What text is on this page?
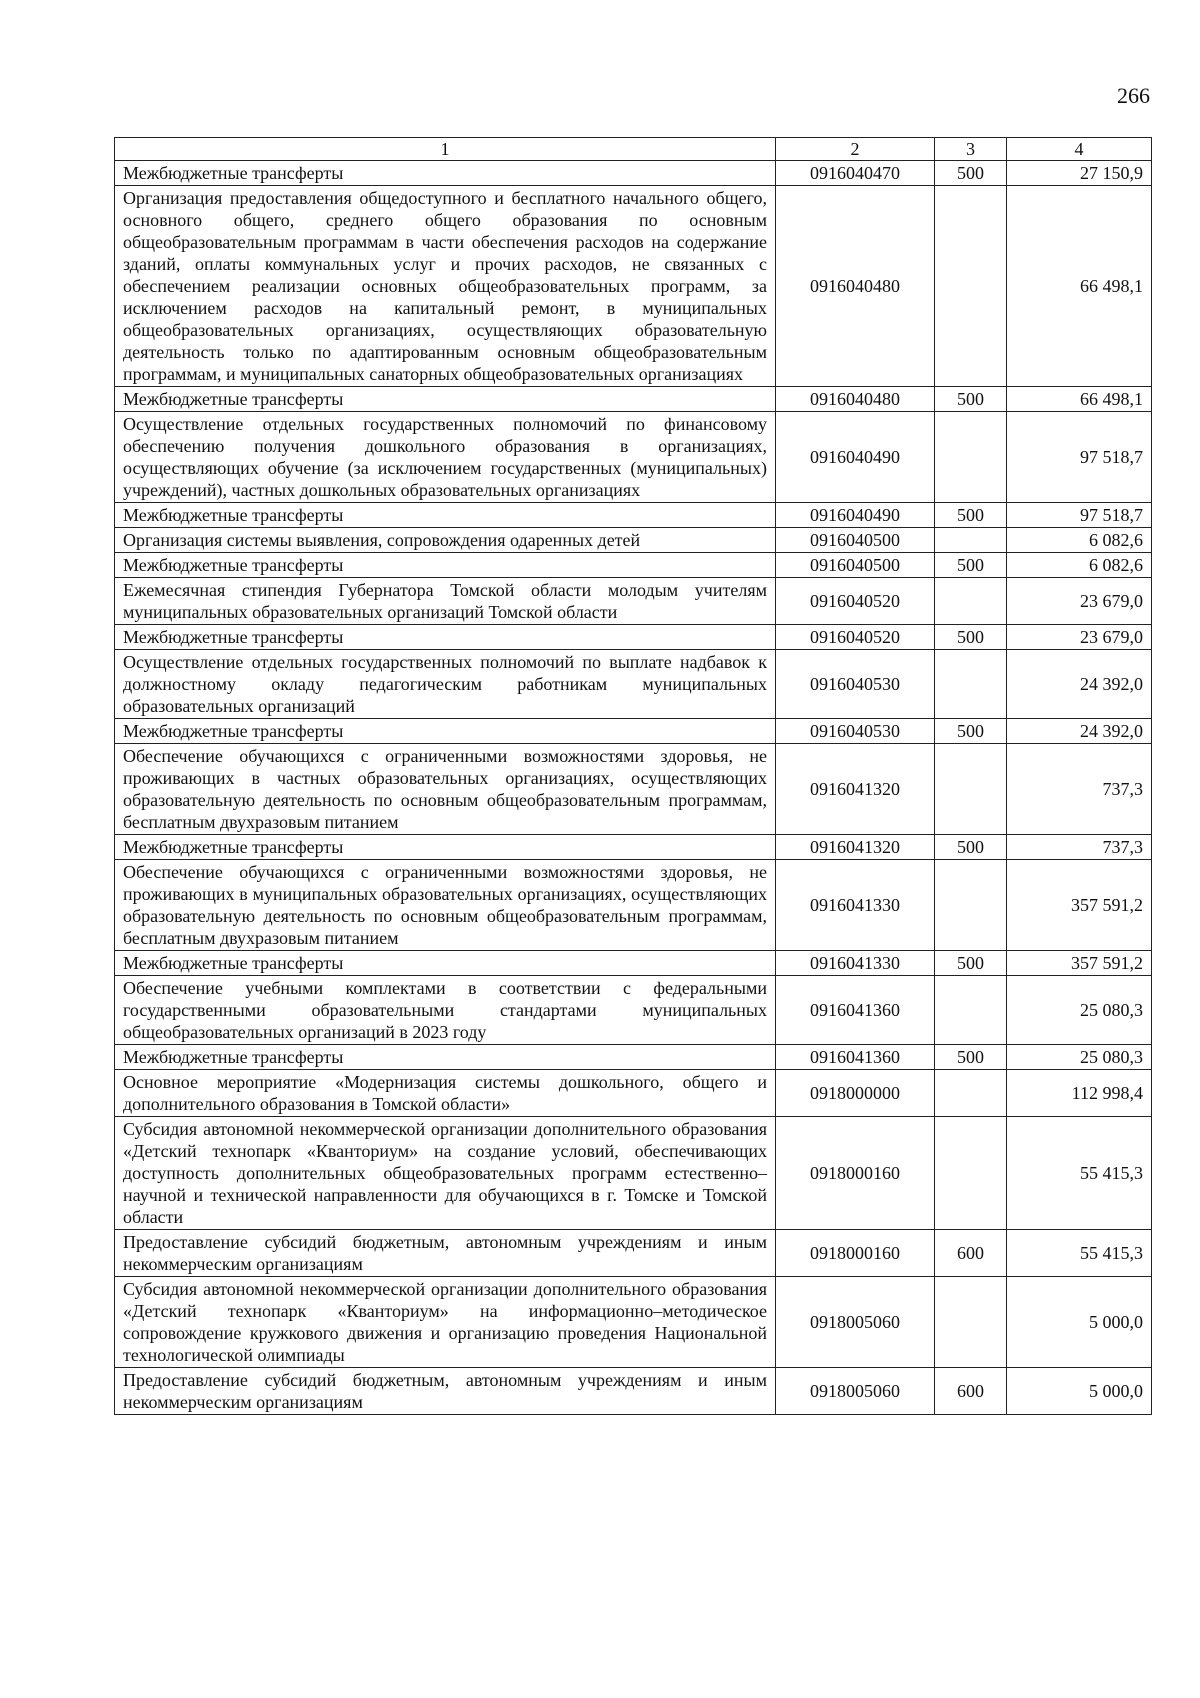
266
1	2	3	4
Межбюджетные трансферты	0916040470	500	27 150,9
Организация предоставления общедоступного и бесплатного начального общего, основного общего, среднего общего образования по основным общеобразовательным программам в части обеспечения расходов на содержание зданий, оплаты коммунальных услуг и прочих расходов, не связанных с обеспечением реализации основных общеобразовательных программ, за исключением расходов на капитальный ремонт, в муниципальных общеобразовательных организациях, осуществляющих образовательную деятельность только по адаптированным основным общеобразовательным программам, и муниципальных санаторных общеобразовательных организациях	0916040480		66 498,1
Межбюджетные трансферты	0916040480	500	66 498,1
Осуществление отдельных государственных полномочий по финансовому обеспечению получения дошкольного образования в организациях, осуществляющих обучение (за исключением государственных (муниципальных) учреждений), частных дошкольных образовательных организациях	0916040490		97 518,7
Межбюджетные трансферты	0916040490	500	97 518,7
Организация системы выявления, сопровождения одаренных детей	0916040500		6 082,6
Межбюджетные трансферты	0916040500	500	6 082,6
Ежемесячная стипендия Губернатора Томской области молодым учителям муниципальных образовательных организаций Томской области	0916040520		23 679,0
Межбюджетные трансферты	0916040520	500	23 679,0
Осуществление отдельных государственных полномочий по выплате надбавок к должностному окладу педагогическим работникам муниципальных образовательных организаций	0916040530		24 392,0
Межбюджетные трансферты	0916040530	500	24 392,0
Обеспечение обучающихся с ограниченными возможностями здоровья, не проживающих в частных образовательных организациях, осуществляющих образовательную деятельность по основным общеобразовательным программам, бесплатным двухразовым питанием	0916041320		737,3
Межбюджетные трансферты	0916041320	500	737,3
Обеспечение обучающихся с ограниченными возможностями здоровья, не проживающих в муниципальных образовательных организациях, осуществляющих образовательную деятельность по основным общеобразовательным программам, бесплатным двухразовым питанием	0916041330		357 591,2
Межбюджетные трансферты	0916041330	500	357 591,2
Обеспечение учебными комплектами в соответствии с федеральными государственными образовательными стандартами муниципальных общеобразовательных организаций в 2023 году	0916041360		25 080,3
Межбюджетные трансферты	0916041360	500	25 080,3
Основное мероприятие «Модернизация системы дошкольного, общего и дополнительного образования в Томской области»	0918000000		112 998,4
Субсидия автономной некоммерческой организации дополнительного образования «Детский технопарк «Кванториум» на создание условий, обеспечивающих доступность дополнительных общеобразовательных программ естественно–научной и технической направленности для обучающихся в г. Томске и Томской области	0918000160		55 415,3
Предоставление субсидий бюджетным, автономным учреждениям и иным некоммерческим организациям	0918000160	600	55 415,3
Субсидия автономной некоммерческой организации дополнительного образования «Детский технопарк «Кванториум» на информационно–методическое сопровождение кружкового движения и организацию проведения Национальной технологической олимпиады	0918005060		5 000,0
Предоставление субсидий бюджетным, автономным учреждениям и иным некоммерческим организациям	0918005060	600	5 000,0
